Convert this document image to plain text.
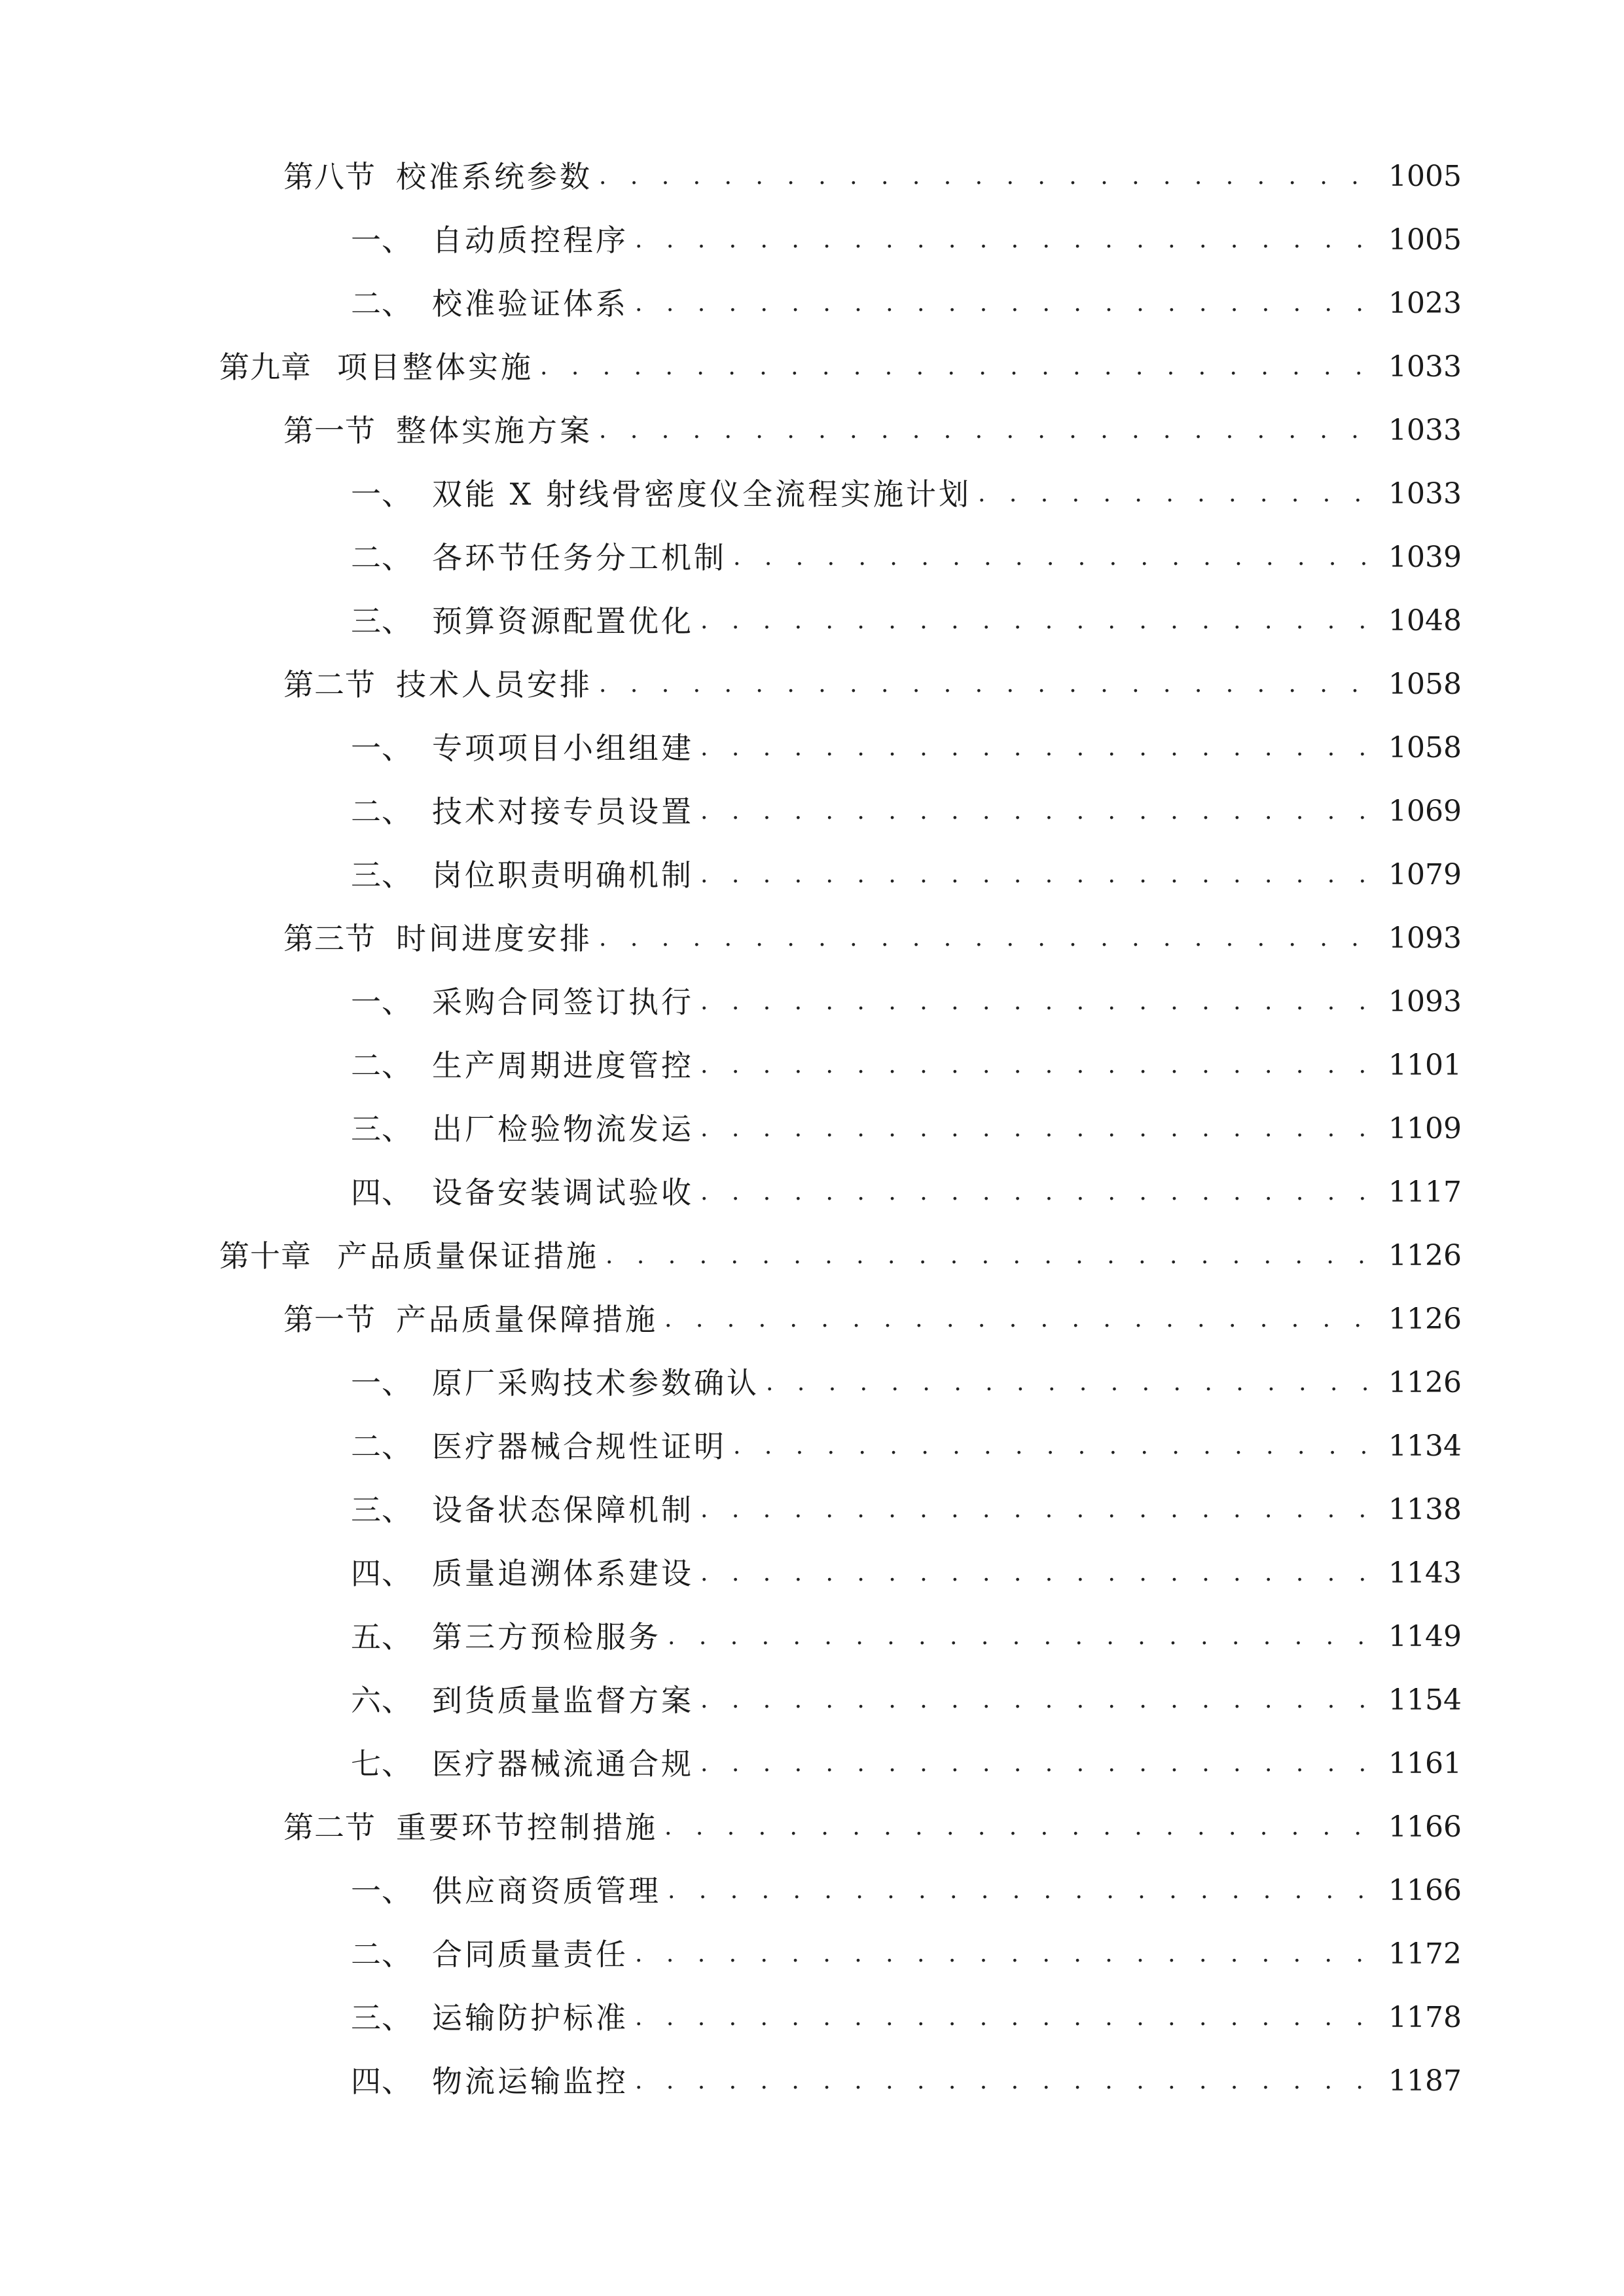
第八节 校准系统参数 . . .	1005
一、 自动质控程序 . . .	1005
二、 校准验证体系 . . .	1023
第九章 项目整体实施 . . .	1033
第一节 整体实施方案 . . .	1033
一、 双能 X 射线骨密度仪全流程实施计划 . . .	1033
二、 各环节任务分工机制 . . .	1039
三、 预算资源配置优化 . . .	1048
第二节 技术人员安排 . . .	1058
一、 专项项目小组组建 . . .	1058
二、 技术对接专员设置 . . .	1069
三、 岗位职责明确机制 . . .	1079
第三节 时间进度安排 . . .	1093
一、 采购合同签订执行 . . .	1093
二、 生产周期进度管控 . . .	1101
三、 出厂检验物流发运 . . .	1109
四、 设备安装调试验收 . . .	1117
第十章 产品质量保证措施 . . .	1126
第一节 产品质量保障措施 . . .	1126
一、 原厂采购技术参数确认 . . .	1126
二、 医疗器械合规性证明 . . .	1134
三、 设备状态保障机制 . . .	1138
四、 质量追溯体系建设 . . .	1143
五、 第三方预检服务 . . .	1149
六、 到货质量监督方案 . . .	1154
七、 医疗器械流通合规 . . .	1161
第二节 重要环节控制措施 . . .	1166
一、 供应商资质管理 . . .	1166
二、 合同质量责任 . . .	1172
三、 运输防护标准 . . .	1178
四、 物流运输监控 . . .	1187
